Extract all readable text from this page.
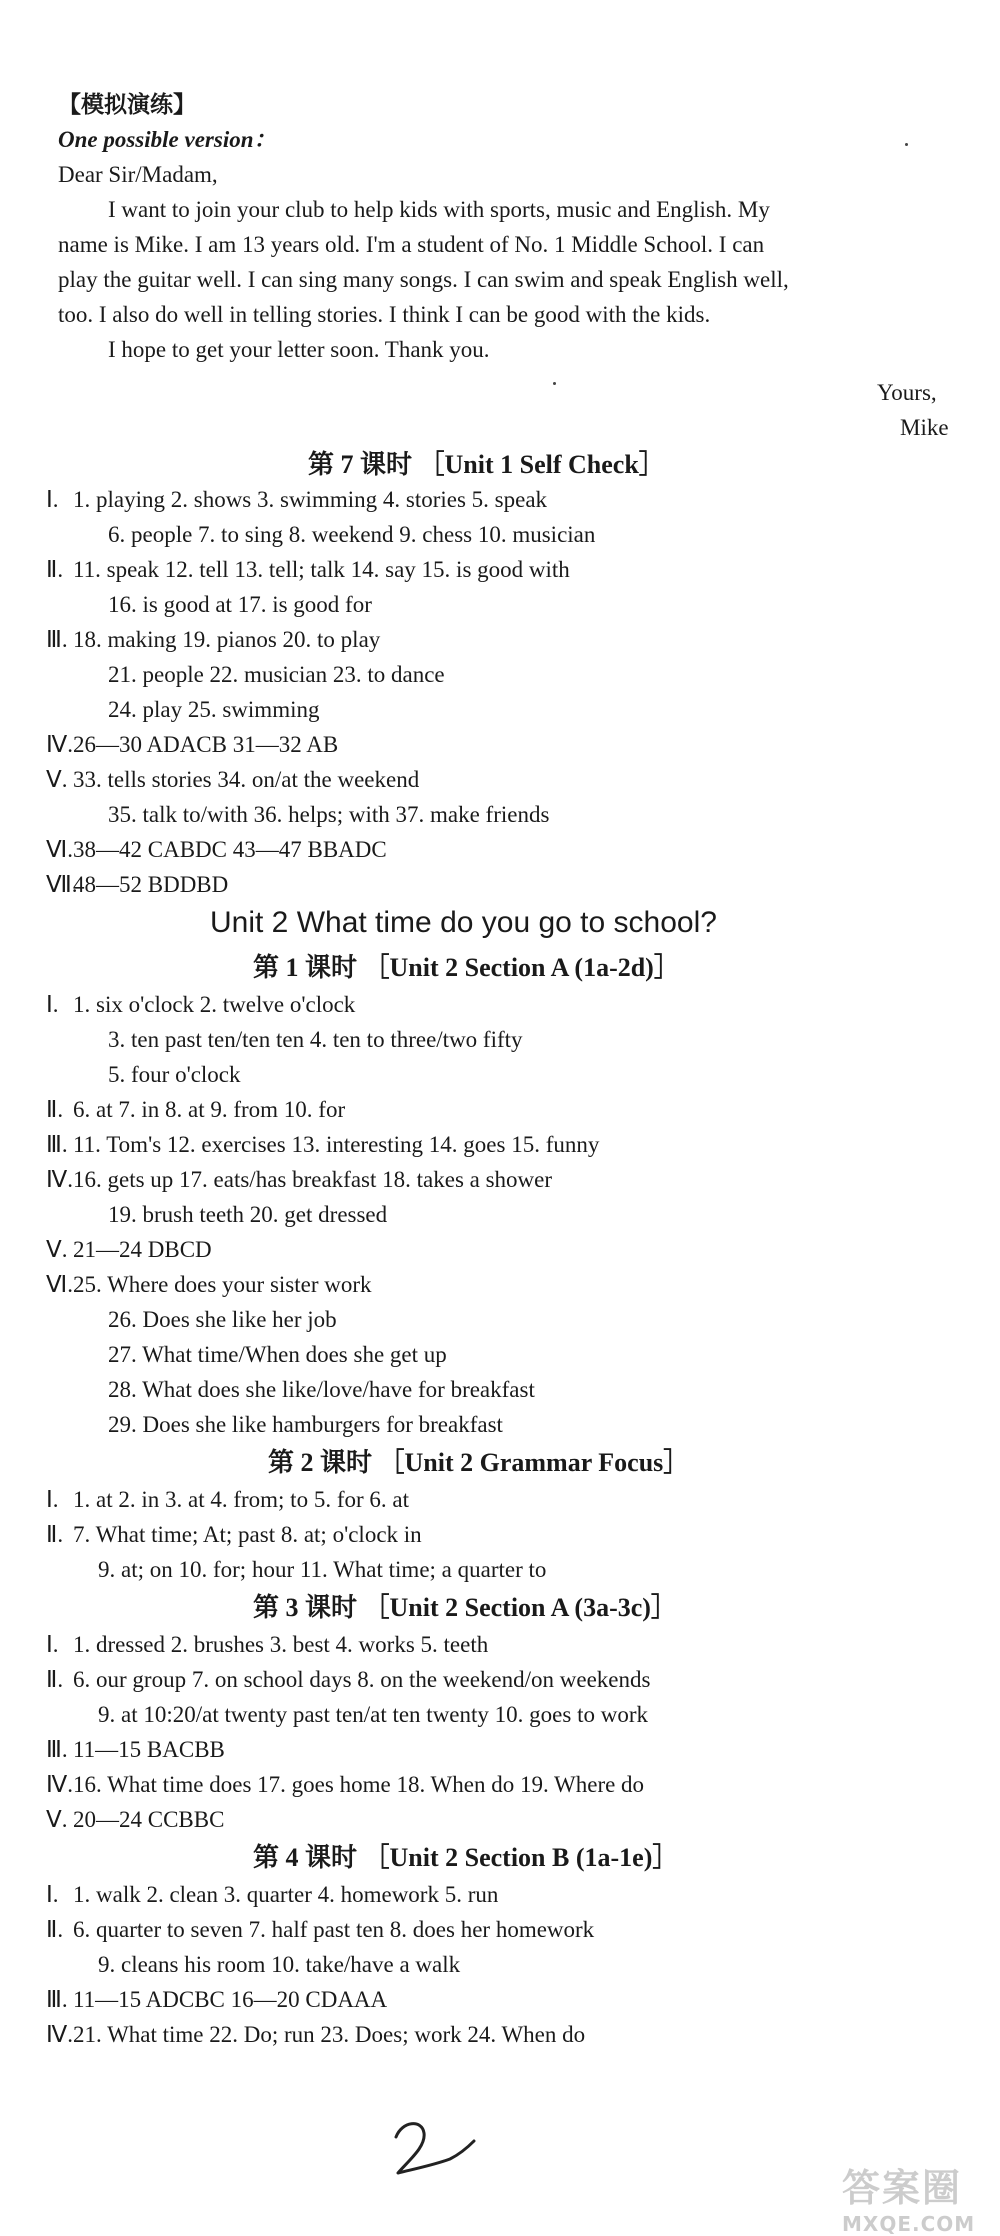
【模拟演练】
One possible version：
Dear Sir/Madam,
I want to join your club to help kids with sports, music and English. My
name is Mike. I am 13 years old. I'm a student of No. 1 Middle School. I can
play the guitar well. I can sing many songs. I can swim and speak English well,
too. I also do well in telling stories. I think I can be good with the kids.
I hope to get your letter soon. Thank you.
Yours,
Mike
第 7 课时 ［Unit 1 Self Check］
Ⅰ. 1. playing 2. shows 3. swimming 4. stories 5. speak
6. people 7. to sing 8. weekend 9. chess 10. musician
Ⅱ. 11. speak 12. tell 13. tell; talk 14. say 15. is good with
16. is good at 17. is good for
Ⅲ. 18. making 19. pianos 20. to play
21. people 22. musician 23. to dance
24. play 25. swimming
Ⅳ. 26—30 ADACB 31—32 AB
Ⅴ. 33. tells stories 34. on/at the weekend
35. talk to/with 36. helps; with 37. make friends
Ⅵ. 38—42 CABDC 43—47 BBADC
Ⅶ.
48—52 BDDBD
Unit 2 What time do you go to school?
第 1 课时 ［Unit 2 Section A (1a-2d)］
Ⅰ. 1. six o'clock 2. twelve o'clock
3. ten past ten/ten ten 4. ten to three/two fifty
5. four o'clock
Ⅱ. 6. at 7. in 8. at 9. from 10. for
Ⅲ. 11. Tom's 12. exercises 13. interesting 14. goes 15. funny
Ⅳ. 16. gets up 17. eats/has breakfast 18. takes a shower
19. brush teeth 20. get dressed
Ⅴ. 21—24 DBCD
Ⅵ. 25. Where does your sister work
26. Does she like her job
27. What time/When does she get up
28. What does she like/love/have for breakfast
29. Does she like hamburgers for breakfast
第 2 课时 ［Unit 2 Grammar Focus］
Ⅰ. 1. at 2. in 3. at 4. from; to 5. for 6. at
Ⅱ. 7. What time; At; past 8. at; o'clock in
9. at; on 10. for; hour 11. What time; a quarter to
第 3 课时 ［Unit 2 Section A (3a-3c)］
Ⅰ. 1. dressed 2. brushes 3. best 4. works 5. teeth
Ⅱ. 6. our group 7. on school days 8. on the weekend/on weekends
9. at 10:20/at twenty past ten/at ten twenty 10. goes to work
Ⅲ. 11—15 BACBB
Ⅳ. 16. What time does 17. goes home 18. When do 19. Where do
Ⅴ. 20—24 CCBBC
第 4 课时 ［Unit 2 Section B (1a-1e)］
Ⅰ. 1. walk 2. clean 3. quarter 4. homework 5. run
Ⅱ. 6. quarter to seven 7. half past ten 8. does her homework
9. cleans his room 10. take/have a walk
Ⅲ. 11—15 ADCBC 16—20 CDAAA
Ⅳ. 21. What time 22. Do; run 23. Does; work 24. When do
答案圈
MXQE.COM
